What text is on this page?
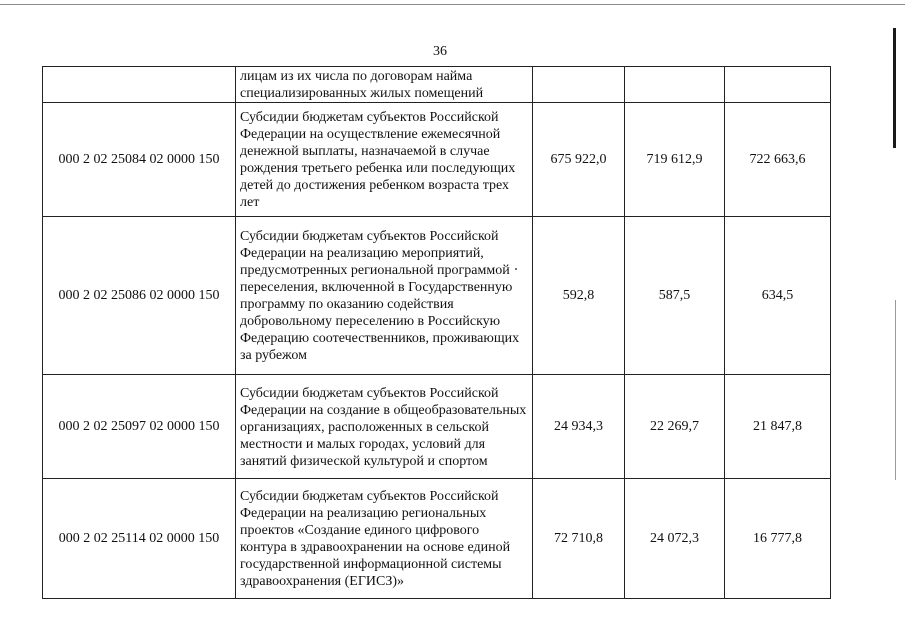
36
	лицам из их числа по договорам найма специализированных жилых помещений			
000 2 02 25084 02 0000 150	Субсидии бюджетам субъектов Российской Федерации на осуществление ежемесячной денежной выплаты, назначаемой в случае рождения третьего ребенка или последующих детей до достижения ребенком возраста трех лет	675 922,0	719 612,9	722 663,6
000 2 02 25086 02 0000 150	Субсидии бюджетам субъектов Российской Федерации на реализацию мероприятий, предусмотренных региональной программой переселения, включенной в Государственную программу по оказанию содействия добровольному переселению в Российскую Федерацию соотечественников, проживающих за рубежом	592,8	587,5	634,5
000 2 02 25097 02 0000 150	Субсидии бюджетам субъектов Российской Федерации на создание в общеобразовательных организациях, расположенных в сельской местности и малых городах, условий для занятий физической культурой и спортом	24 934,3	22 269,7	21 847,8
000 2 02 25114 02 0000 150	Субсидии бюджетам субъектов Российской Федерации на реализацию региональных проектов «Создание единого цифрового контура в здравоохранении на основе единой государственной информационной системы здравоохранения (ЕГИСЗ)»	72 710,8	24 072,3	16 777,8
